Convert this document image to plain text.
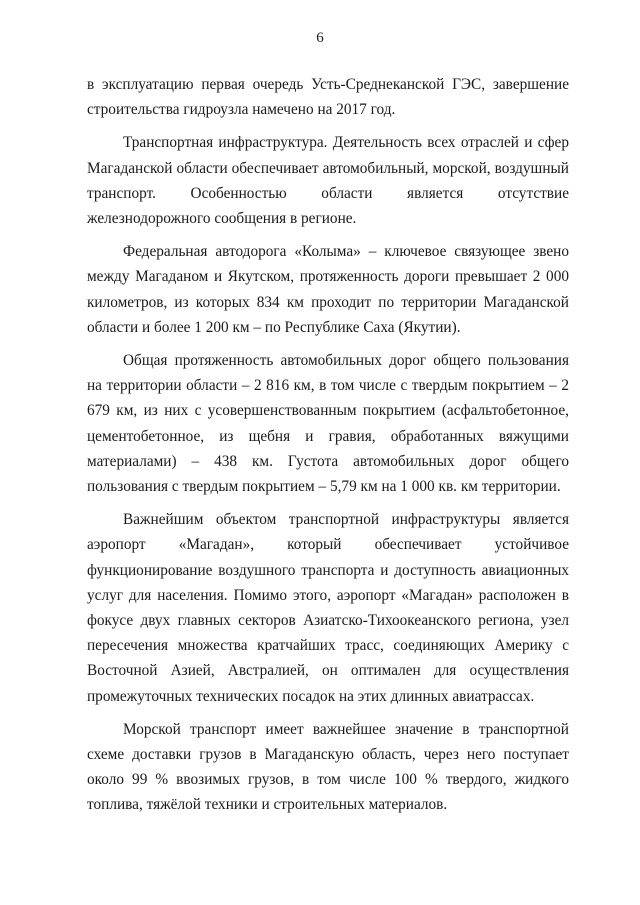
6

в эксплуатацию первая очередь Усть-Среднеканской ГЭС, завершение строительства гидроузла намечено на 2017 год.

Транспортная инфраструктура. Деятельность всех отраслей и сфер Магаданской области обеспечивает автомобильный, морской, воздушный транспорт. Особенностью области является отсутствие железнодорожного сообщения в регионе.

Федеральная автодорога «Колыма» – ключевое связующее звено между Магаданом и Якутском, протяженность дороги превышает 2 000 километров, из которых 834 км проходит по территории Магаданской области и более 1 200 км – по Республике Саха (Якутии).

Общая протяженность автомобильных дорог общего пользования на территории области – 2 816 км, в том числе с твердым покрытием – 2 679 км, из них с усовершенствованным покрытием (асфальтобетонное, цементобетонное, из щебня и гравия, обработанных вяжущими материалами) – 438 км. Густота автомобильных дорог общего пользования с твердым покрытием – 5,79 км на 1 000 кв. км территории.

Важнейшим объектом транспортной инфраструктуры является аэропорт «Магадан», который обеспечивает устойчивое функционирование воздушного транспорта и доступность авиационных услуг для населения. Помимо этого, аэропорт «Магадан» расположен в фокусе двух главных секторов Азиатско-Тихоокеанского региона, узел пересечения множества кратчайших трасс, соединяющих Америку с Восточной Азией, Австралией, он оптимален для осуществления промежуточных технических посадок на этих длинных авиатрассах.

Морской транспорт имеет важнейшее значение в транспортной схеме доставки грузов в Магаданскую область, через него поступает около 99 % ввозимых грузов, в том числе 100 % твердого, жидкого топлива, тяжёлой техники и строительных материалов.
